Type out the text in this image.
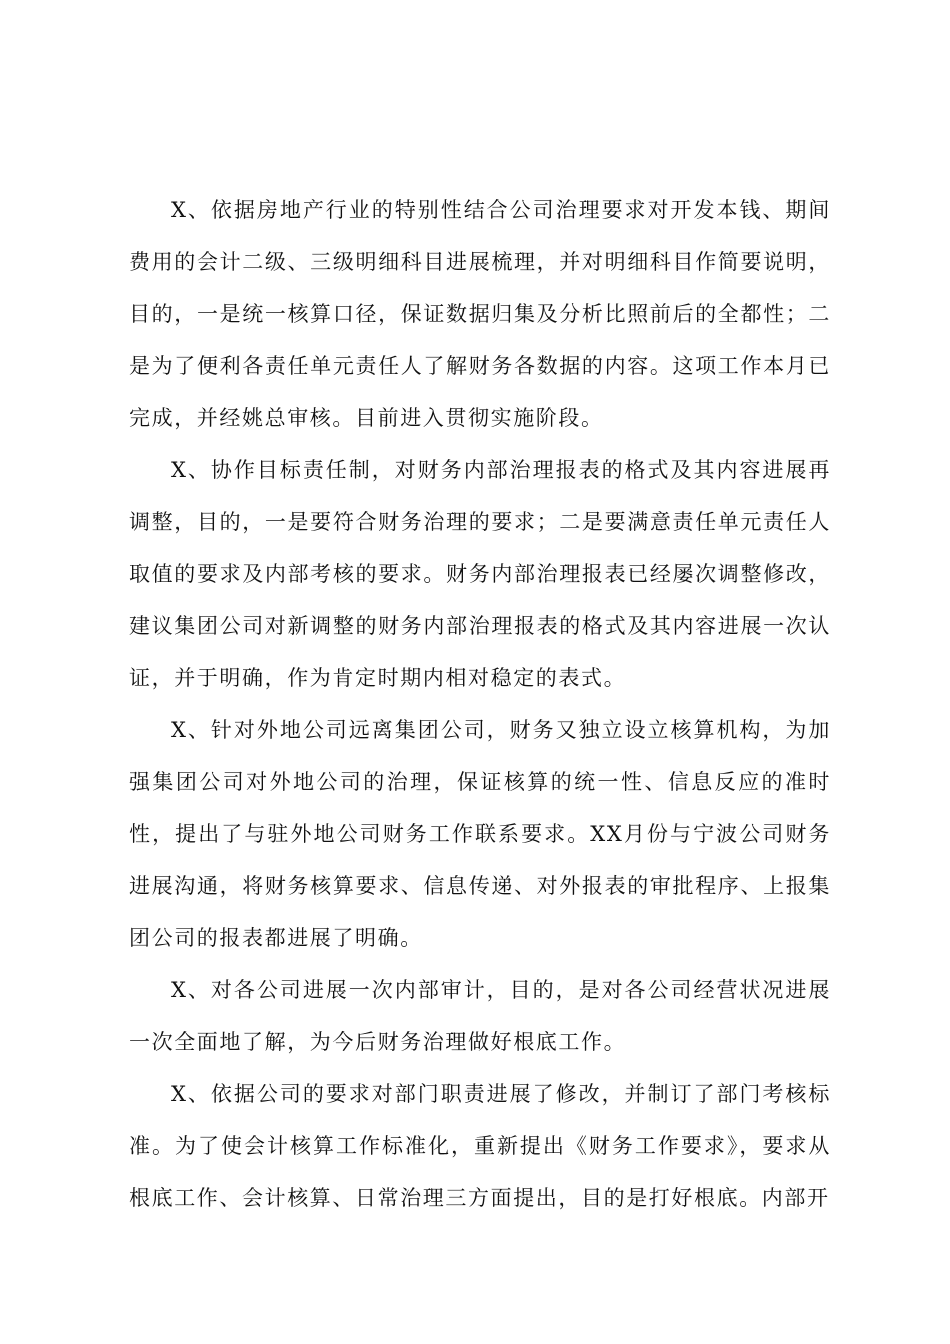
X、依据房地产行业的特别性结合公司治理要求对开发本钱、期间费用的会计二级、三级明细科目进展梳理，并对明细科目作简要说明，目的，一是统一核算口径，保证数据归集及分析比照前后的全都性；二是为了便利各责任单元责任人了解财务各数据的内容。这项工作本月已完成，并经姚总审核。目前进入贯彻实施阶段。

X、协作目标责任制，对财务内部治理报表的格式及其内容进展再调整，目的，一是要符合财务治理的要求；二是要满意责任单元责任人取值的要求及内部考核的要求。财务内部治理报表已经屡次调整修改，建议集团公司对新调整的财务内部治理报表的格式及其内容进展一次认证，并于明确，作为肯定时期内相对稳定的表式。

X、针对外地公司远离集团公司，财务又独立设立核算机构，为加强集团公司对外地公司的治理，保证核算的统一性、信息反应的准时性，提出了与驻外地公司财务工作联系要求。XX月份与宁波公司财务进展沟通，将财务核算要求、信息传递、对外报表的审批程序、上报集团公司的报表都进展了明确。

X、对各公司进展一次内部审计，目的，是对各公司经营状况进展一次全面地了解，为今后财务治理做好根底工作。

X、依据公司的要求对部门职责进展了修改，并制订了部门考核标准。为了使会计核算工作标准化，重新提出《财务工作要求》，要求从根底工作、会计核算、日常治理三方面提出，目的是打好根底。内部开
